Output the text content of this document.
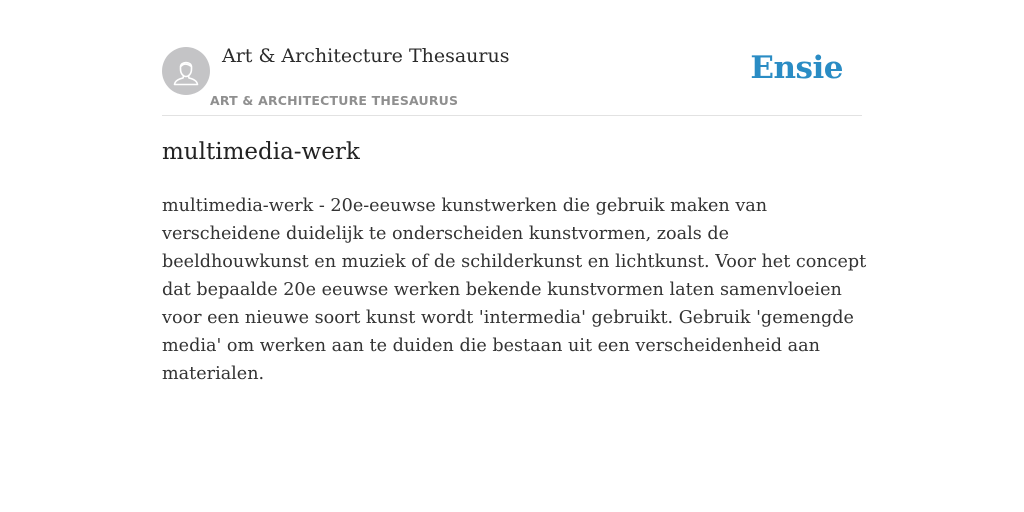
Art & Architecture Thesaurus
ART & ARCHITECTURE THESAURUS
Ensie
multimedia-werk

multimedia-werk - 20e-eeuwse kunstwerken die gebruik maken van verscheidene duidelijk te onderscheiden kunstvormen, zoals de beeldhouwkunst en muziek of de schilderkunst en lichtkunst. Voor het concept dat bepaalde 20e eeuwse werken bekende kunstvormen laten samenvloeien voor een nieuwe soort kunst wordt 'intermedia' gebruikt. Gebruik 'gemengde media' om werken aan te duiden die bestaan uit een verscheidenheid aan materialen.
